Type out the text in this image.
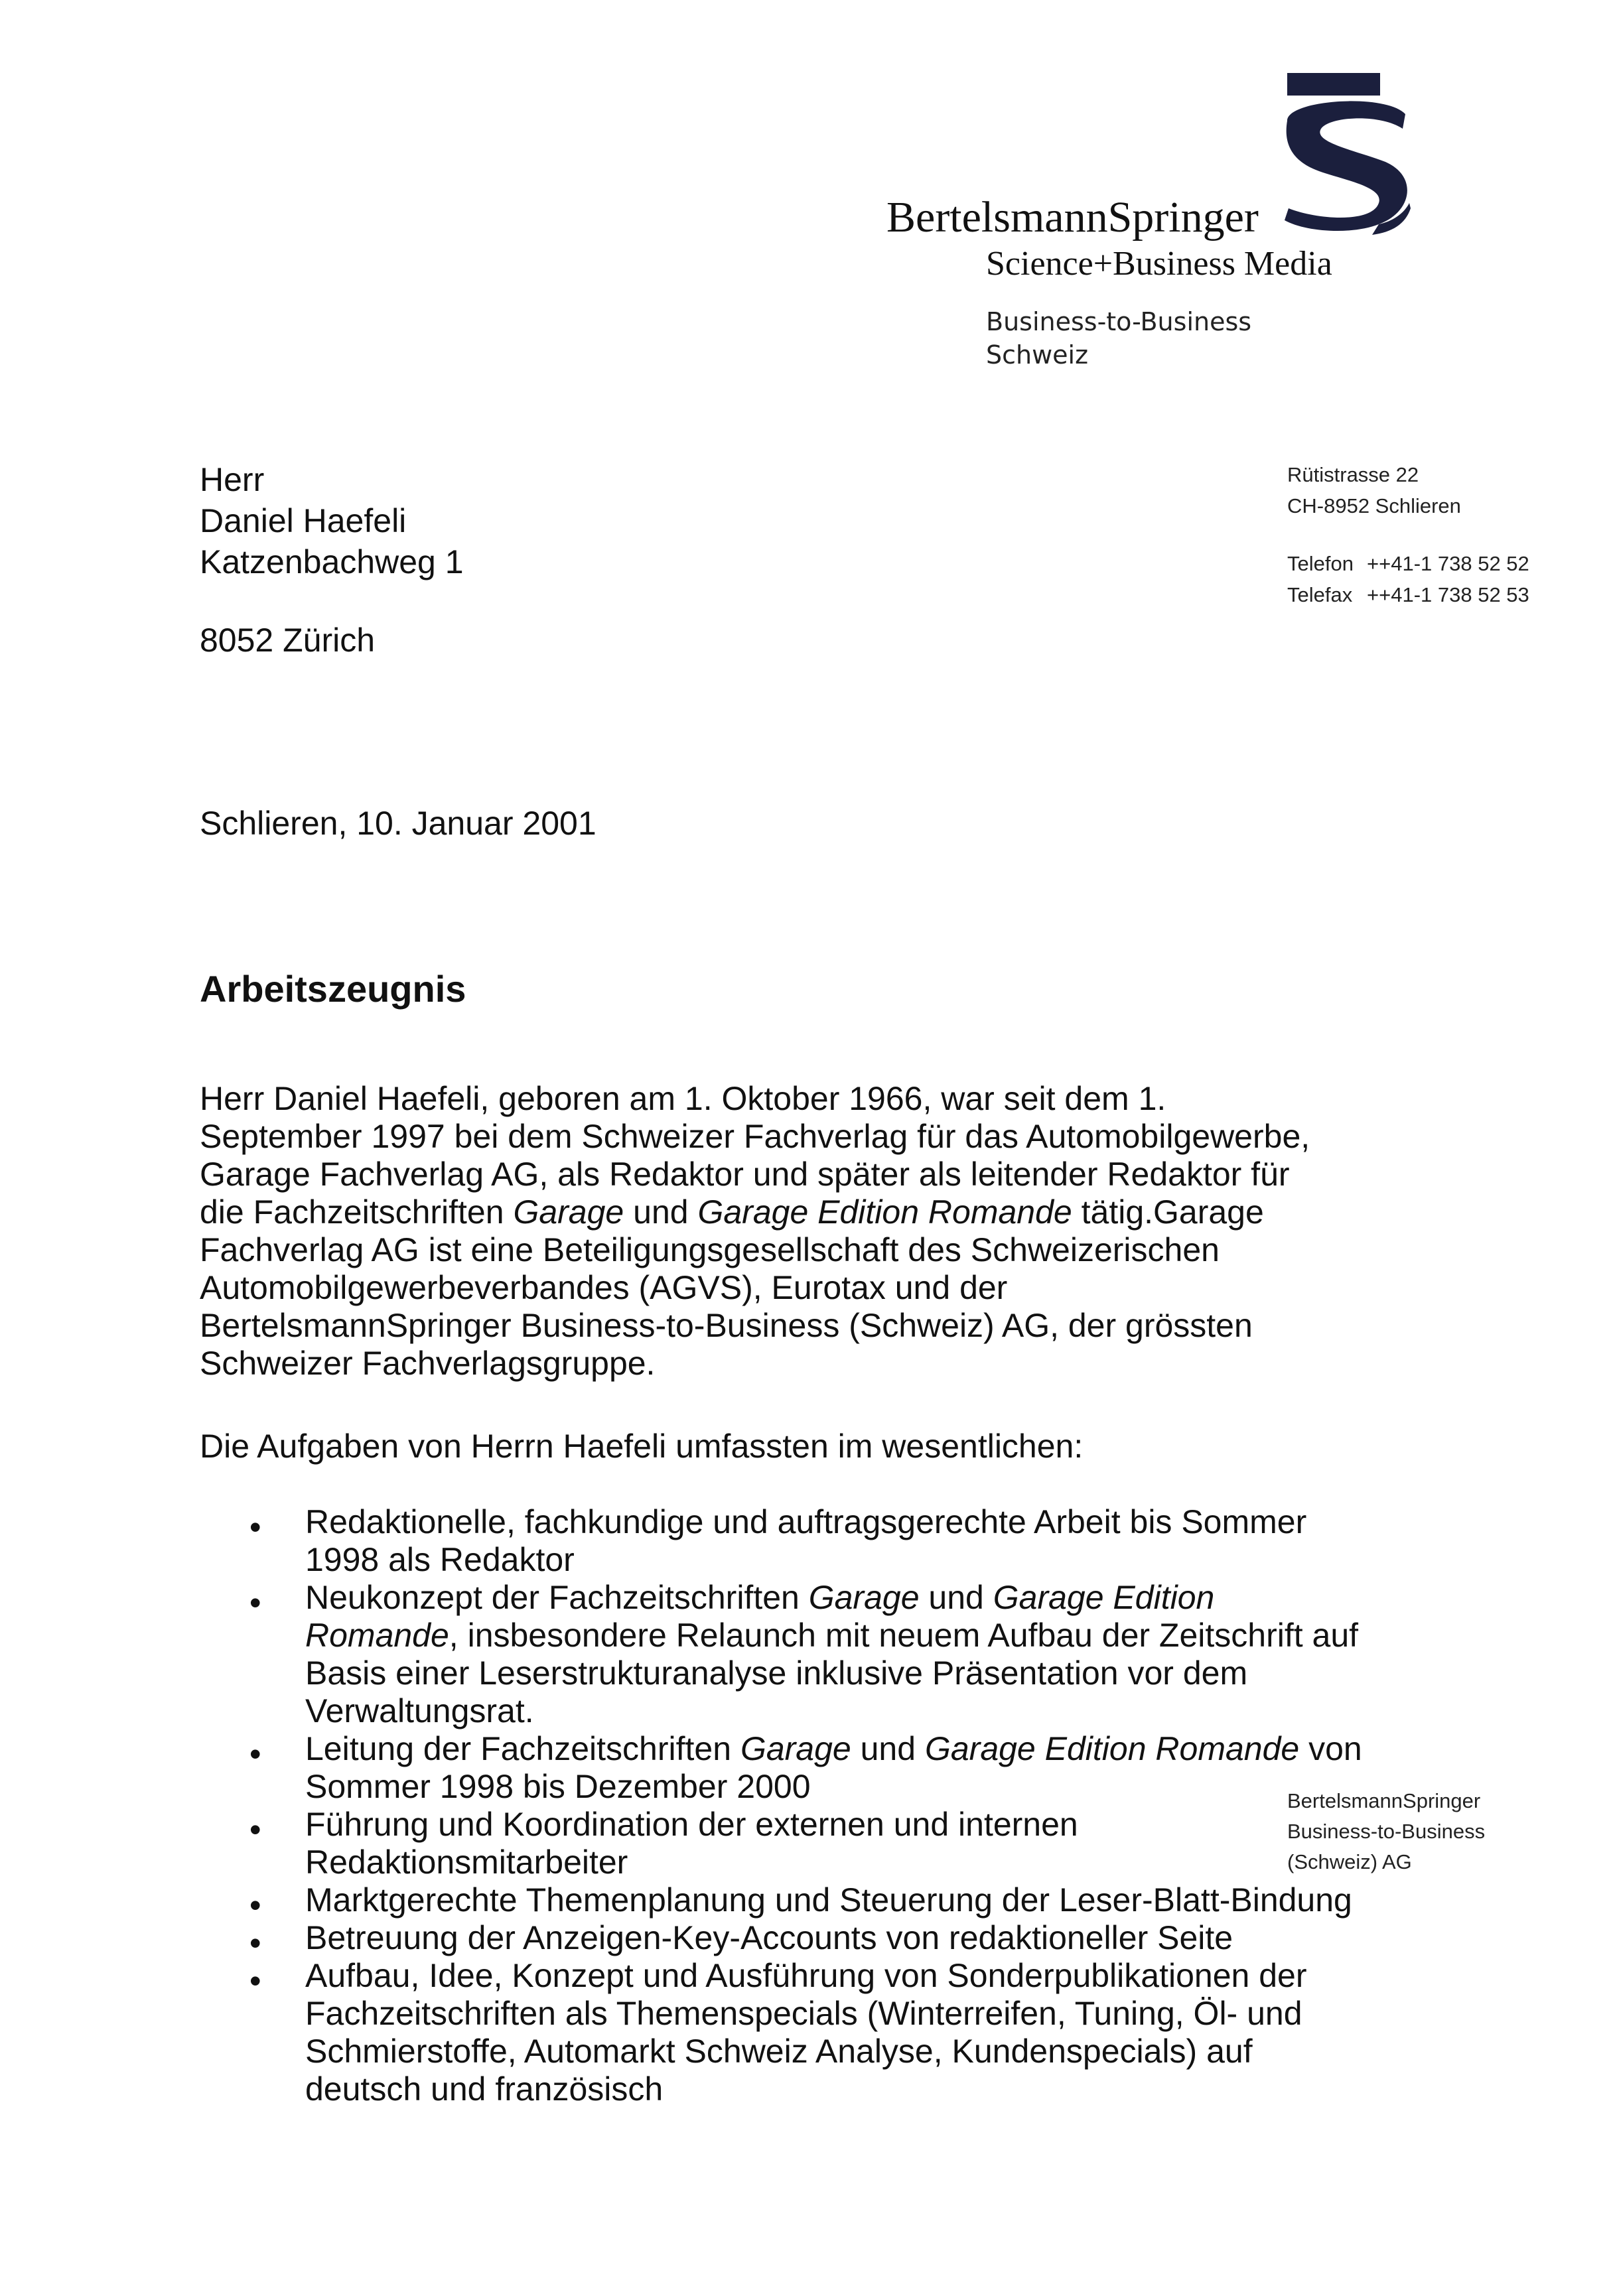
BertelsmannSpringer
Science+Business Media
Business-to-Business
Schweiz
Herr
Daniel Haefeli
Katzenbachweg 1
8052 Zürich
Rütistrasse 22
CH-8952 Schlieren
Telefon ++41-1 738 52 52
Telefax ++41-1 738 52 53
Schlieren, 10. Januar 2001
Arbeitszeugnis

Herr Daniel Haefeli, geboren am 1. Oktober 1966, war seit dem 1. September 1997 bei dem Schweizer Fachverlag für das Automobilgewerbe, Garage Fachverlag AG, als Redaktor und später als leitender Redaktor für die Fachzeitschriften Garage und Garage Edition Romande tätig.Garage Fachverlag AG ist eine Beteiligungsgesellschaft des Schweizerischen Automobilgewerbeverbandes (AGVS), Eurotax und der BertelsmannSpringer Business-to-Business (Schweiz) AG, der grössten Schweizer Fachverlagsgruppe.

Die Aufgaben von Herrn Haefeli umfassten im wesentlichen:
• Redaktionelle, fachkundige und auftragsgerechte Arbeit bis Sommer 1998 als Redaktor
• Neukonzept der Fachzeitschriften Garage und Garage Edition Romande, insbesondere Relaunch mit neuem Aufbau der Zeitschrift auf Basis einer Leserstrukturanalyse inklusive Präsentation vor dem Verwaltungsrat.
• Leitung der Fachzeitschriften Garage und Garage Edition Romande von Sommer 1998 bis Dezember 2000
• Führung und Koordination der externen und internen Redaktionsmitarbeiter
• Marktgerechte Themenplanung und Steuerung der Leser-Blatt-Bindung
• Betreuung der Anzeigen-Key-Accounts von redaktioneller Seite
• Aufbau, Idee, Konzept und Ausführung von Sonderpublikationen der Fachzeitschriften als Themenspecials (Winterreifen, Tuning, Öl- und Schmierstoffe, Automarkt Schweiz Analyse, Kundenspecials) auf deutsch und französisch
BertelsmannSpringer
Business-to-Business
(Schweiz) AG
